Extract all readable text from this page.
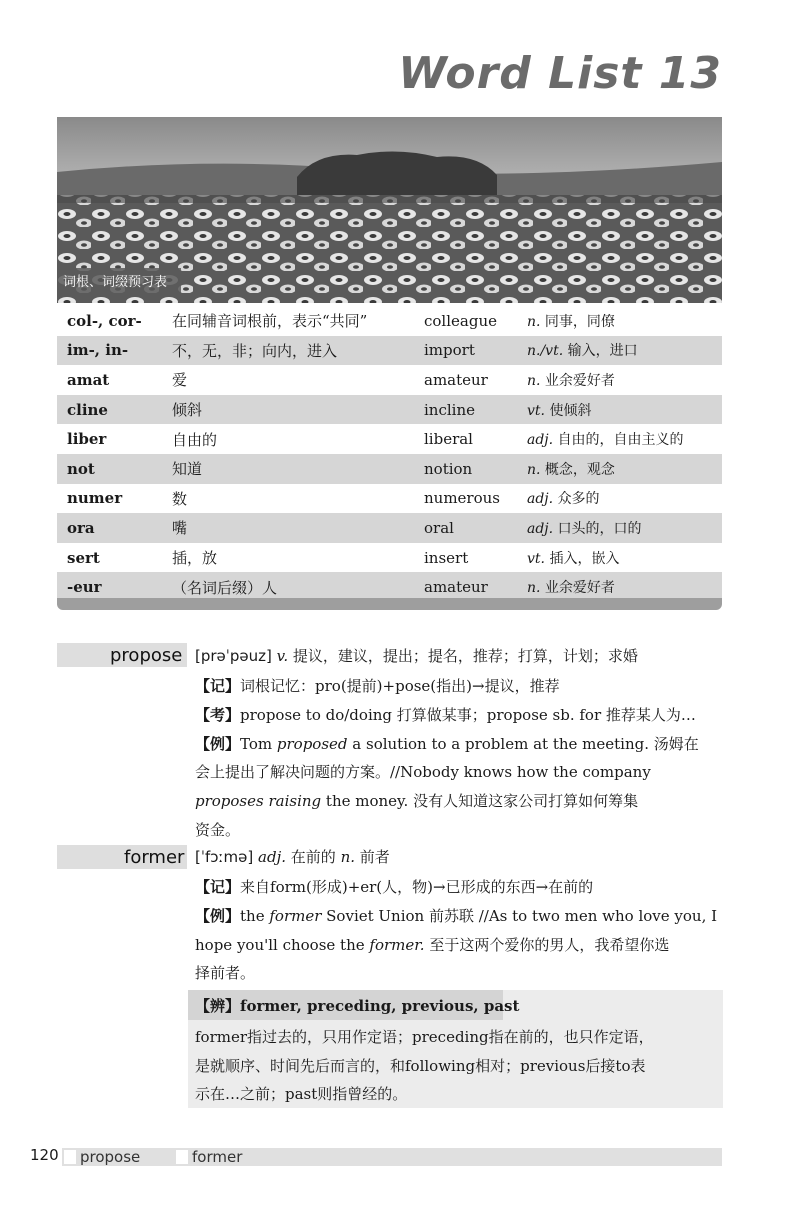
Word List 13
词根、词缀预习表
col-, cor-	在同辅音词根前，表示“共同”	colleague	n. 同事，同僚
im-, in-	不，无，非；向内，进入	import	n./vt. 输入，进口
amat	爱	amateur	n. 业余爱好者
cline	倾斜	incline	vt. 使倾斜
liber	自由的	liberal	adj. 自由的，自由主义的
not	知道	notion	n. 概念，观念
numer	数	numerous	adj. 众多的
ora	嘴	oral	adj. 口头的，口的
sert	插，放	insert	vt. 插入，嵌入
-eur	（名词后缀）人	amateur	n. 业余爱好者
propose [prəˈpəuz] v. 提议，建议，提出；提名，推荐；打算，计划；求婚
【记】词根记忆：pro(提前)+pose(指出)→提议，推荐
【考】propose to do/doing 打算做某事；propose sb. for 推荐某人为…
【例】Tom proposed a solution to a problem at the meeting. 汤姆在
会上提出了解决问题的方案。//Nobody knows how the company
proposes raising the money. 没有人知道这家公司打算如何筹集
资金。
former [ˈfɔːmə] adj. 在前的 n. 前者
【记】来自form(形成)+er(人，物)→已形成的东西→在前的
【例】the former Soviet Union 前苏联 //As to two men who love you, I
hope you'll choose the former. 至于这两个爱你的男人，我希望你选
择前者。
【辨】former, preceding, previous, past
former指过去的，只用作定语；preceding指在前的，也只作定语，
是就顺序、时间先后而言的，和following相对；previous后接to表
示在…之前；past则指曾经的。
120 propose	former
